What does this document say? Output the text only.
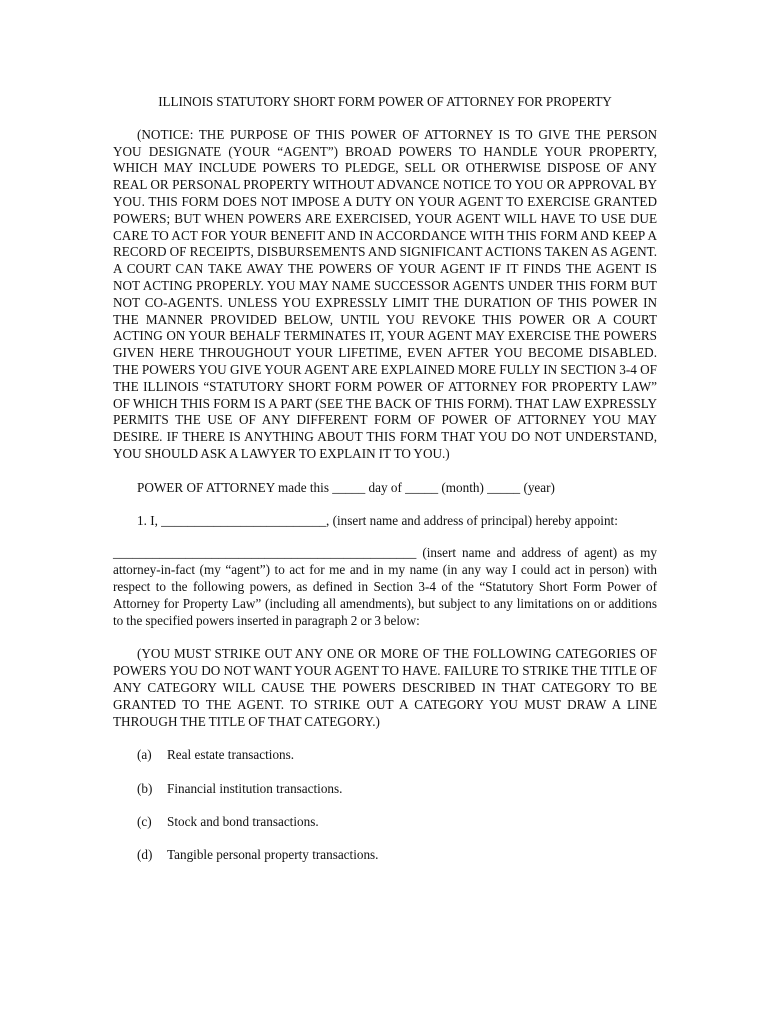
ILLINOIS STATUTORY SHORT FORM POWER OF ATTORNEY FOR PROPERTY

(NOTICE: THE PURPOSE OF THIS POWER OF ATTORNEY IS TO GIVE THE PERSON YOU DESIGNATE (YOUR “AGENT”) BROAD POWERS TO HANDLE YOUR PROPERTY, WHICH MAY INCLUDE POWERS TO PLEDGE, SELL OR OTHERWISE DISPOSE OF ANY REAL OR PERSONAL PROPERTY WITHOUT ADVANCE NOTICE TO YOU OR APPROVAL BY YOU. THIS FORM DOES NOT IMPOSE A DUTY ON YOUR AGENT TO EXERCISE GRANTED POWERS; BUT WHEN POWERS ARE EXERCISED, YOUR AGENT WILL HAVE TO USE DUE CARE TO ACT FOR YOUR BENEFIT AND IN ACCORDANCE WITH THIS FORM AND KEEP A RECORD OF RECEIPTS, DISBURSEMENTS AND SIGNIFICANT ACTIONS TAKEN AS AGENT. A COURT CAN TAKE AWAY THE POWERS OF YOUR AGENT IF IT FINDS THE AGENT IS NOT ACTING PROPERLY. YOU MAY NAME SUCCESSOR AGENTS UNDER THIS FORM BUT NOT CO-AGENTS. UNLESS YOU EXPRESSLY LIMIT THE DURATION OF THIS POWER IN THE MANNER PROVIDED BELOW, UNTIL YOU REVOKE THIS POWER OR A COURT ACTING ON YOUR BEHALF TERMINATES IT, YOUR AGENT MAY EXERCISE THE POWERS GIVEN HERE THROUGHOUT YOUR LIFETIME, EVEN AFTER YOU BECOME DISABLED. THE POWERS YOU GIVE YOUR AGENT ARE EXPLAINED MORE FULLY IN SECTION 3-4 OF THE ILLINOIS “STATUTORY SHORT FORM POWER OF ATTORNEY FOR PROPERTY LAW” OF WHICH THIS FORM IS A PART (SEE THE BACK OF THIS FORM). THAT LAW EXPRESSLY PERMITS THE USE OF ANY DIFFERENT FORM OF POWER OF ATTORNEY YOU MAY DESIRE. IF THERE IS ANYTHING ABOUT THIS FORM THAT YOU DO NOT UNDERSTAND, YOU SHOULD ASK A LAWYER TO EXPLAIN IT TO YOU.)

POWER OF ATTORNEY made this _____ day of _____ (month) _____ (year)
1. I, _________________________, (insert name and address of principal) hereby appoint:

______________________________________________ (insert name and address of agent) as my attorney-in-fact (my “agent”) to act for me and in my name (in any way I could act in person) with respect to the following powers, as defined in Section 3-4 of the “Statutory Short Form Power of Attorney for Property Law” (including all amendments), but subject to any limitations on or additions to the specified powers inserted in paragraph 2 or 3 below:

(YOU MUST STRIKE OUT ANY ONE OR MORE OF THE FOLLOWING CATEGORIES OF POWERS YOU DO NOT WANT YOUR AGENT TO HAVE. FAILURE TO STRIKE THE TITLE OF ANY CATEGORY WILL CAUSE THE POWERS DESCRIBED IN THAT CATEGORY TO BE GRANTED TO THE AGENT. TO STRIKE OUT A CATEGORY YOU MUST DRAW A LINE THROUGH THE TITLE OF THAT CATEGORY.)

(a)	Real estate transactions.
(b)	Financial institution transactions.
(c)	Stock and bond transactions.
(d)	Tangible personal property transactions.
